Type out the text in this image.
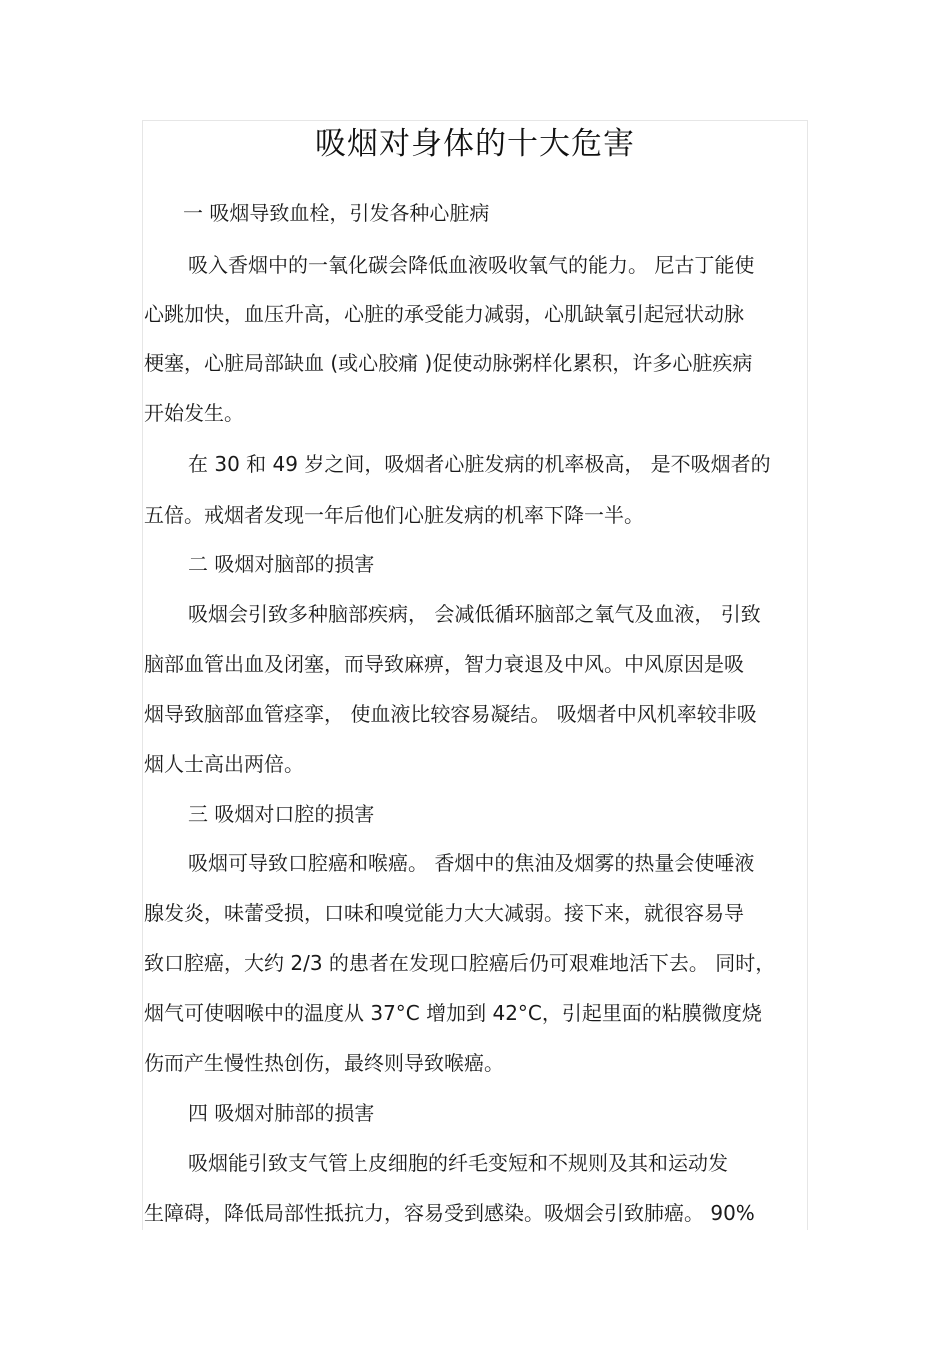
吸烟对身体的十大危害
一 吸烟导致血栓，引发各种心脏病
吸入香烟中的一氧化碳会降低血液吸收氧气的能力。 尼古丁能使
心跳加快，血压升高，心脏的承受能力减弱，心肌缺氧引起冠状动脉
梗塞，心脏局部缺血 (或心胶痛 )促使动脉粥样化累积，许多心脏疾病
开始发生。
在 30 和 49 岁之间，吸烟者心脏发病的机率极高， 是不吸烟者的
五倍。戒烟者发现一年后他们心脏发病的机率下降一半。
二 吸烟对脑部的损害
吸烟会引致多种脑部疾病， 会减低循环脑部之氧气及血液， 引致
脑部血管出血及闭塞，而导致麻痹，智力衰退及中风。中风原因是吸
烟导致脑部血管痉挛， 使血液比较容易凝结。 吸烟者中风机率较非吸
烟人士高出两倍。
三 吸烟对口腔的损害
吸烟可导致口腔癌和喉癌。 香烟中的焦油及烟雾的热量会使唾液
腺发炎，味蕾受损，口味和嗅觉能力大大减弱。接下来，就很容易导
致口腔癌，大约 2/3 的患者在发现口腔癌后仍可艰难地活下去。 同时，
烟气可使咽喉中的温度从 37°C 增加到 42°C，引起里面的粘膜微度烧
伤而产生慢性热创伤，最终则导致喉癌。
四 吸烟对肺部的损害
吸烟能引致支气管上皮细胞的纤毛变短和不规则及其和运动发
生障碍，降低局部性抵抗力，容易受到感染。吸烟会引致肺癌。 90%
